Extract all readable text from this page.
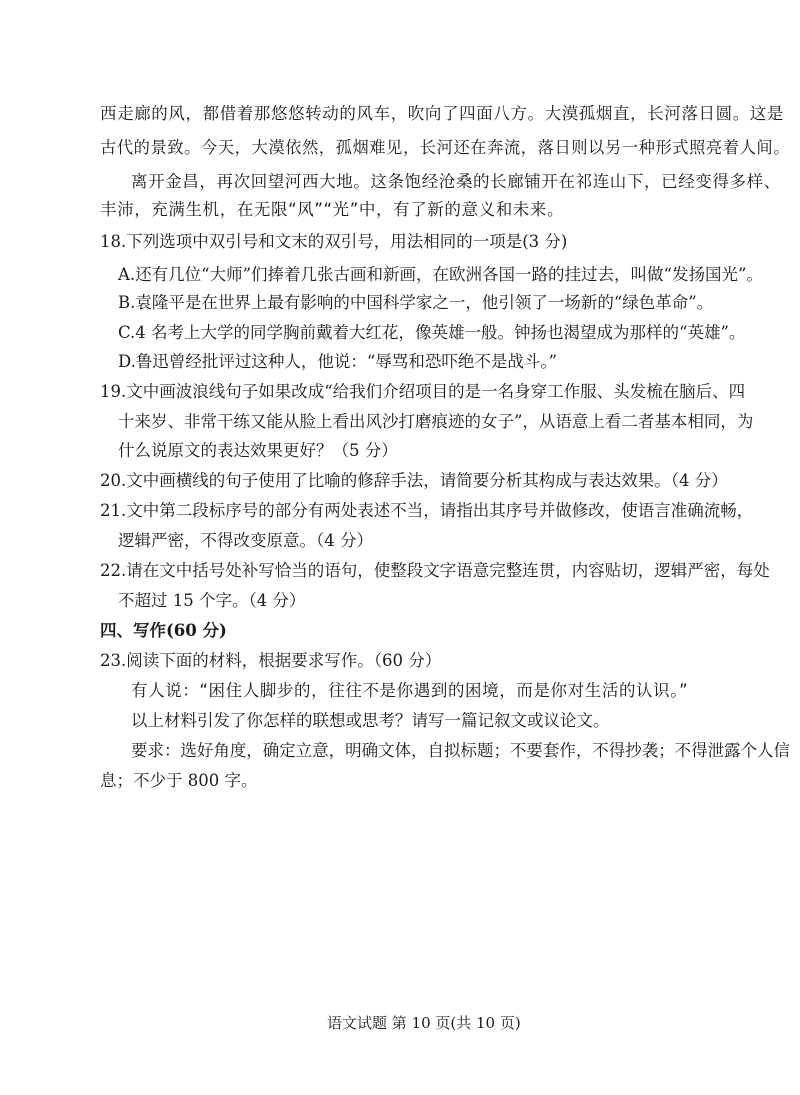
西走廊的风，都借着那悠悠转动的风车，吹向了四面八方。大漠孤烟直，长河落日圆。这是
古代的景致。今天，大漠依然，孤烟难见，长河还在奔流，落日则以另一种形式照亮着人间。
离开金昌，再次回望河西大地。这条饱经沧桑的长廊铺开在祁连山下，已经变得多样、
丰沛，充满生机，在无限“风”“光”中，有了新的意义和未来。
18.下列选项中双引号和文末的双引号，用法相同的一项是(3 分)
A.还有几位“大师”们捧着几张古画和新画，在欧洲各国一路的挂过去，叫做“发扬国光”。
B.袁隆平是在世界上最有影响的中国科学家之一，他引领了一场新的“绿色革命”。
C.4 名考上大学的同学胸前戴着大红花，像英雄一般。钟扬也渴望成为那样的“英雄”。
D.鲁迅曾经批评过这种人，他说：“辱骂和恐吓绝不是战斗。”
19.文中画波浪线句子如果改成“给我们介绍项目的是一名身穿工作服、头发梳在脑后、四
十来岁、非常干练又能从脸上看出风沙打磨痕迹的女子”，从语意上看二者基本相同，为
什么说原文的表达效果更好？（5 分）
20.文中画横线的句子使用了比喻的修辞手法，请简要分析其构成与表达效果。（4 分）
21.文中第二段标序号的部分有两处表述不当，请指出其序号并做修改，使语言准确流畅，
逻辑严密，不得改变原意。（4 分）
22.请在文中括号处补写恰当的语句，使整段文字语意完整连贯，内容贴切，逻辑严密，每处
不超过 15 个字。（4 分）
四、写作(60 分)
23.阅读下面的材料，根据要求写作。（60 分）
有人说：“困住人脚步的，往往不是你遇到的困境，而是你对生活的认识。”
以上材料引发了你怎样的联想或思考？请写一篇记叙文或议论文。
要求：选好角度，确定立意，明确文体，自拟标题；不要套作，不得抄袭；不得泄露个人信
息；不少于 800 字。
语文试题 第 10 页(共 10 页)
